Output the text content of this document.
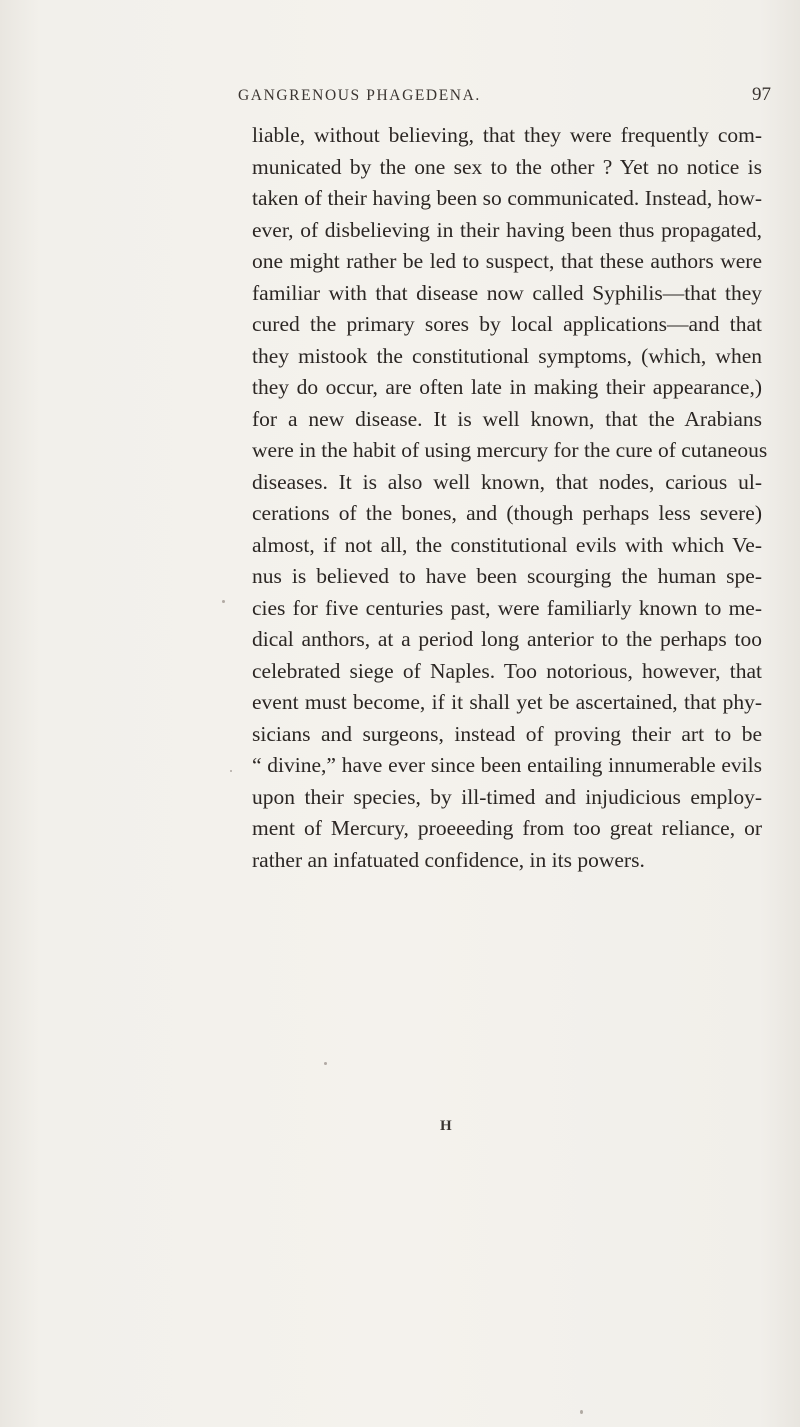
GANGRENOUS PHAGEDENA.	97
liable, without believing, that they were frequently com-
municated by the one sex to the other ? Yet no notice is
taken of their having been so communicated. Instead, how-
ever, of disbelieving in their having been thus propagated,
one might rather be led to suspect, that these authors were
familiar with that disease now called Syphilis—that they
cured the primary sores by local applications—and that
they mistook the constitutional symptoms, (which, when
they do occur, are often late in making their appearance,)
for a new disease. It is well known, that the Arabians
were in the habit of using mercury for the cure of cutaneous
diseases. It is also well known, that nodes, carious ul-
cerations of the bones, and (though perhaps less severe)
almost, if not all, the constitutional evils with which Ve-
nus is believed to have been scourging the human spe-
cies for five centuries past, were familiarly known to me-
dical anthors, at a period long anterior to the perhaps too
celebrated siege of Naples. Too notorious, however, that
event must become, if it shall yet be ascertained, that phy-
sicians and surgeons, instead of proving their art to be
“ divine,” have ever since been entailing innumerable evils
upon their species, by ill-timed and injudicious employ-
ment of Mercury, proeeeding from too great reliance, or
rather an infatuated confidence, in its powers.
H
